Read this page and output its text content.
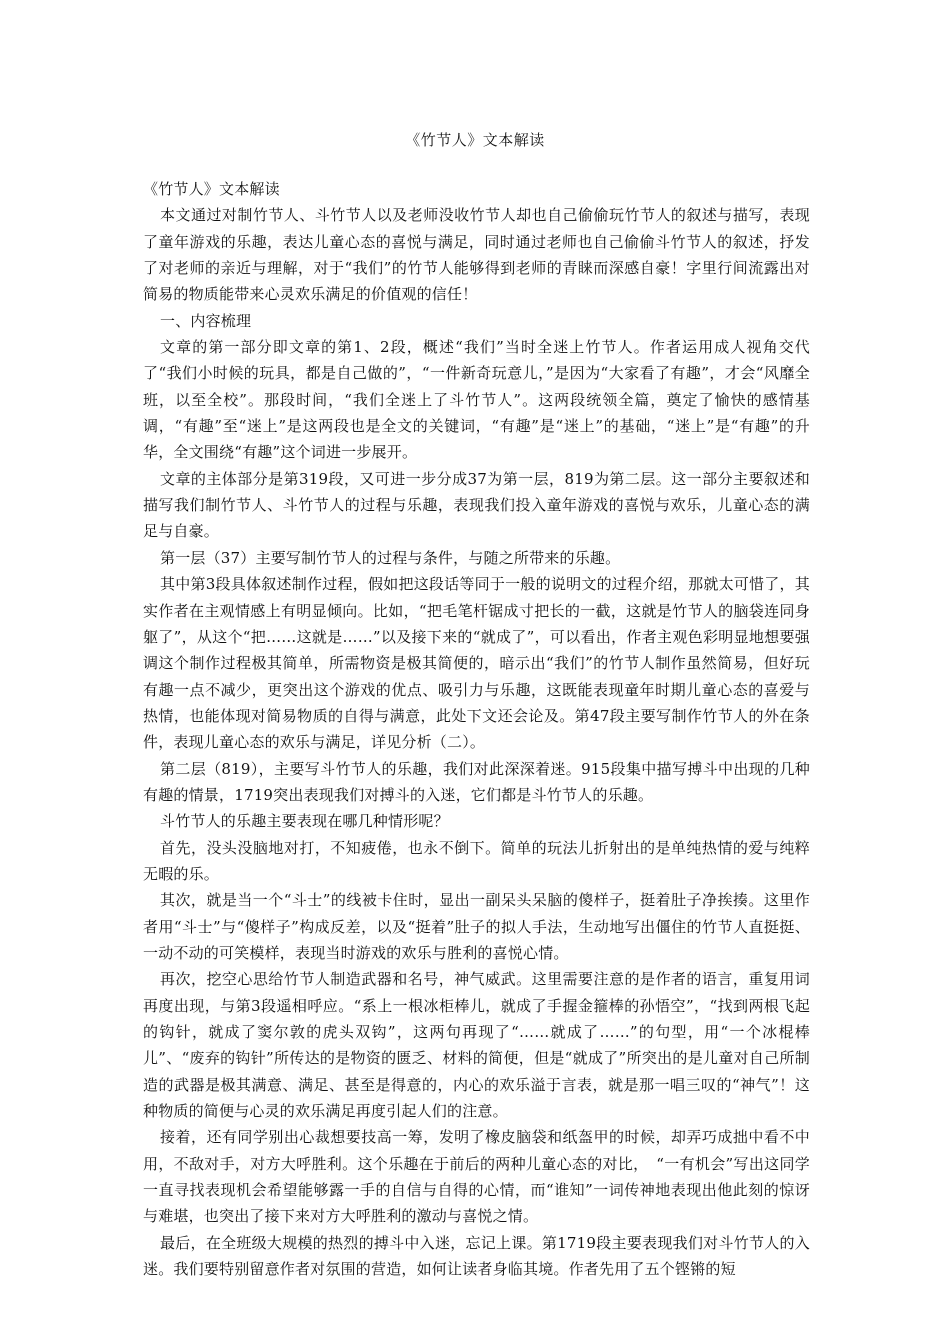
《竹节人》文本解读

《竹节人》文本解读

本文通过对制竹节人、斗竹节人以及老师没收竹节人却也自己偷偷玩竹节人的叙述与描写，表现了童年游戏的乐趣，表达儿童心态的喜悦与满足，同时通过老师也自己偷偷斗竹节人的叙述，抒发了对老师的亲近与理解，对于“我们”的竹节人能够得到老师的青睐而深感自豪！字里行间流露出对简易的物质能带来心灵欢乐满足的价值观的信任！

一、内容梳理

文章的第一部分即文章的第1、2段，概述“我们”当时全迷上竹节人。作者运用成人视角交代了“我们小时候的玩具，都是自己做的”，“一件新奇玩意儿，”是因为“大家看了有趣”，才会“风靡全班，以至全校”。那段时间，“我们全迷上了斗竹节人”。这两段统领全篇，奠定了愉快的感情基调，“有趣”至“迷上”是这两段也是全文的关键词，“有趣”是“迷上”的基础，“迷上”是“有趣”的升华，全文围绕“有趣”这个词进一步展开。

文章的主体部分是第319段，又可进一步分成37为第一层，819为第二层。这一部分主要叙述和描写我们制竹节人、斗竹节人的过程与乐趣，表现我们投入童年游戏的喜悦与欢乐，儿童心态的满足与自豪。

第一层（37）主要写制竹节人的过程与条件，与随之所带来的乐趣。

其中第3段具体叙述制作过程，假如把这段话等同于一般的说明文的过程介绍，那就太可惜了，其实作者在主观情感上有明显倾向。比如，“把毛笔杆锯成寸把长的一截，这就是竹节人的脑袋连同身躯了”，从这个“把……这就是……”以及接下来的“就成了”，可以看出，作者主观色彩明显地想要强调这个制作过程极其简单，所需物资是极其简便的，暗示出“我们”的竹节人制作虽然简易，但好玩有趣一点不减少，更突出这个游戏的优点、吸引力与乐趣，这既能表现童年时期儿童心态的喜爱与热情，也能体现对简易物质的自得与满意，此处下文还会论及。第47段主要写制作竹节人的外在条件，表现儿童心态的欢乐与满足，详见分析（二）。

第二层（819），主要写斗竹节人的乐趣，我们对此深深着迷。915段集中描写搏斗中出现的几种有趣的情景，1719突出表现我们对搏斗的入迷，它们都是斗竹节人的乐趣。

斗竹节人的乐趣主要表现在哪几种情形呢？

首先，没头没脑地对打，不知疲倦，也永不倒下。简单的玩法儿折射出的是单纯热情的爱与纯粹无暇的乐。

其次，就是当一个“斗士”的线被卡住时，显出一副呆头呆脑的傻样子，挺着肚子净挨揍。这里作者用“斗士”与“傻样子”构成反差，以及“挺着”肚子的拟人手法，生动地写出僵住的竹节人直挺挺、一动不动的可笑模样，表现当时游戏的欢乐与胜利的喜悦心情。

再次，挖空心思给竹节人制造武器和名号，神气威武。这里需要注意的是作者的语言，重复用词再度出现，与第3段遥相呼应。“系上一根冰柜棒儿，就成了手握金箍棒的孙悟空”，“找到两根飞起的钩针，就成了窦尔敦的虎头双钩”，这两句再现了“……就成了……”的句型，用“一个冰棍棒儿”、“废弃的钩针”所传达的是物资的匮乏、材料的简便，但是“就成了”所突出的是儿童对自己所制造的武器是极其满意、满足、甚至是得意的，内心的欢乐溢于言表，就是那一唱三叹的“神气”！这种物质的简便与心灵的欢乐满足再度引起人们的注意。

接着，还有同学别出心裁想要技高一筹，发明了橡皮脑袋和纸盔甲的时候，却弄巧成拙中看不中用，不敌对手，对方大呼胜利。这个乐趣在于前后的两种儿童心态的对比，　“一有机会”写出这同学一直寻找表现机会希望能够露一手的自信与自得的心情，而“谁知”一词传神地表现出他此刻的惊讶与难堪，也突出了接下来对方大呼胜利的激动与喜悦之情。

最后，在全班级大规模的热烈的搏斗中入迷，忘记上课。第1719段主要表现我们对斗竹节人的入迷。我们要特别留意作者对氛围的营造，如何让读者身临其境。作者先用了五个铿锵的短
